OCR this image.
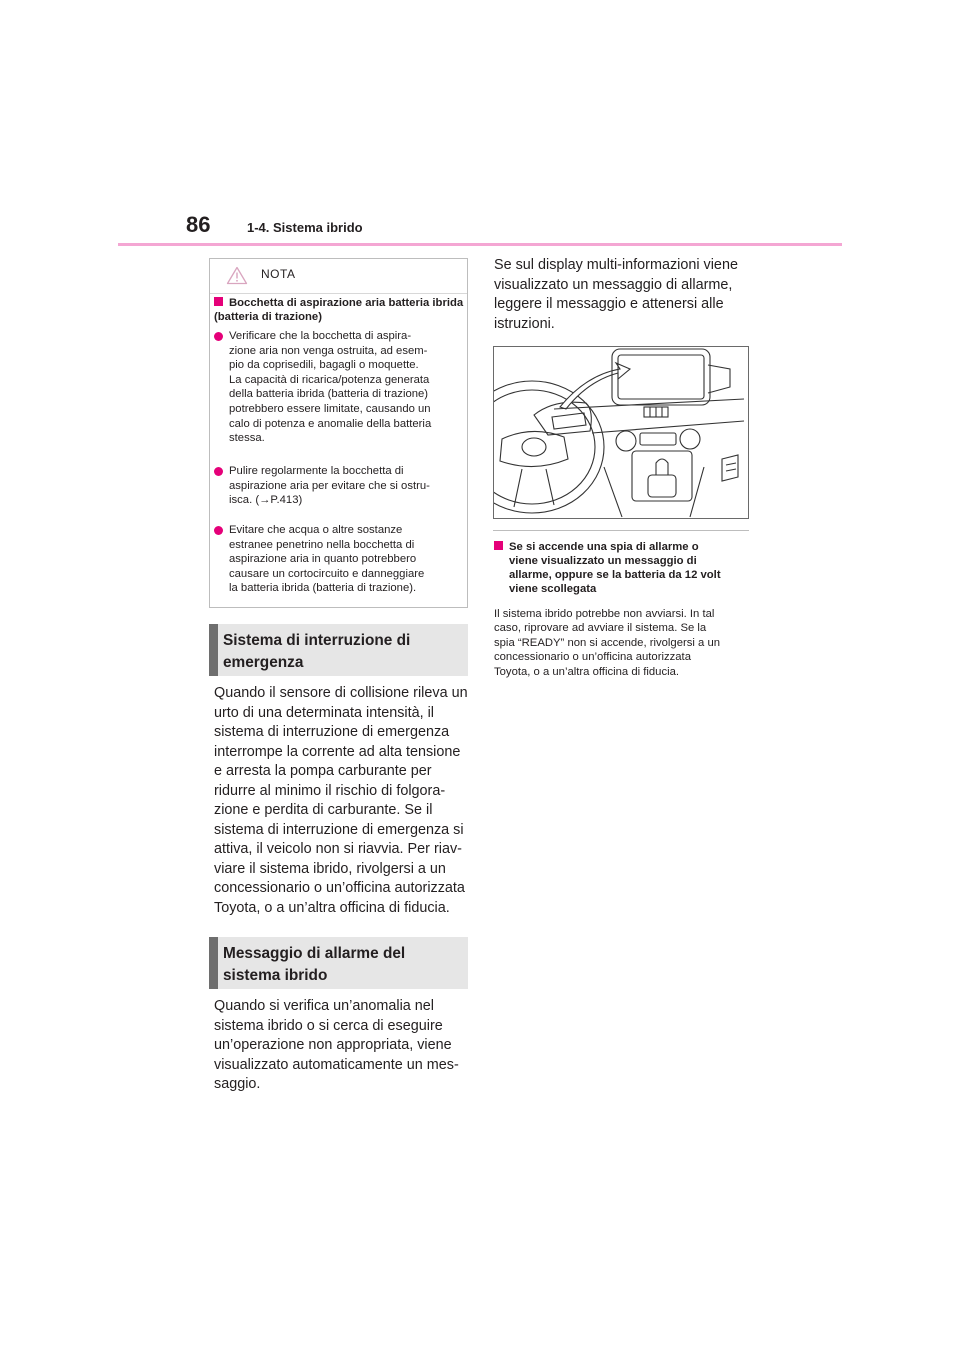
86	1-4. Sistema ibrido
NOTA
Bocchetta di aspirazione aria batteria ibrida (batteria di trazione)
Verificare che la bocchetta di aspira-
zione aria non venga ostruita, ad esem-
pio da coprisedili, bagagli o moquette.
La capacità di ricarica/potenza generata
della batteria ibrida (batteria di trazione)
potrebbero essere limitate, causando un
calo di potenza e anomalie della batteria
stessa.
Pulire regolarmente la bocchetta di
aspirazione aria per evitare che si ostru-
isca. (→P.413)
Evitare che acqua o altre sostanze
estranee penetrino nella bocchetta di
aspirazione aria in quanto potrebbero
causare un cortocircuito e danneggiare
la batteria ibrida (batteria di trazione).
Sistema di interruzione di
emergenza
Quando il sensore di collisione rileva un
urto di una determinata intensità, il
sistema di interruzione di emergenza
interrompe la corrente ad alta tensione
e arresta la pompa carburante per
ridurre al minimo il rischio di folgora-
zione e perdita di carburante. Se il
sistema di interruzione di emergenza si
attiva, il veicolo non si riavvia. Per riav-
viare il sistema ibrido, rivolgersi a un
concessionario o un’officina autorizzata
Toyota, o a un’altra officina di fiducia.
Messaggio di allarme del
sistema ibrido
Quando si verifica un’anomalia nel
sistema ibrido o si cerca di eseguire
un’operazione non appropriata, viene
visualizzato automaticamente un mes-
saggio.
Se sul display multi-informazioni viene
visualizzato un messaggio di allarme,
leggere il messaggio e attenersi alle
istruzioni.
Se si accende una spia di allarme o
viene visualizzato un messaggio di
allarme, oppure se la batteria da 12 volt
viene scollegata
Il sistema ibrido potrebbe non avviarsi. In tal
caso, riprovare ad avviare il sistema. Se la
spia “READY” non si accende, rivolgersi a un
concessionario o un’officina autorizzata
Toyota, o a un’altra officina di fiducia.
